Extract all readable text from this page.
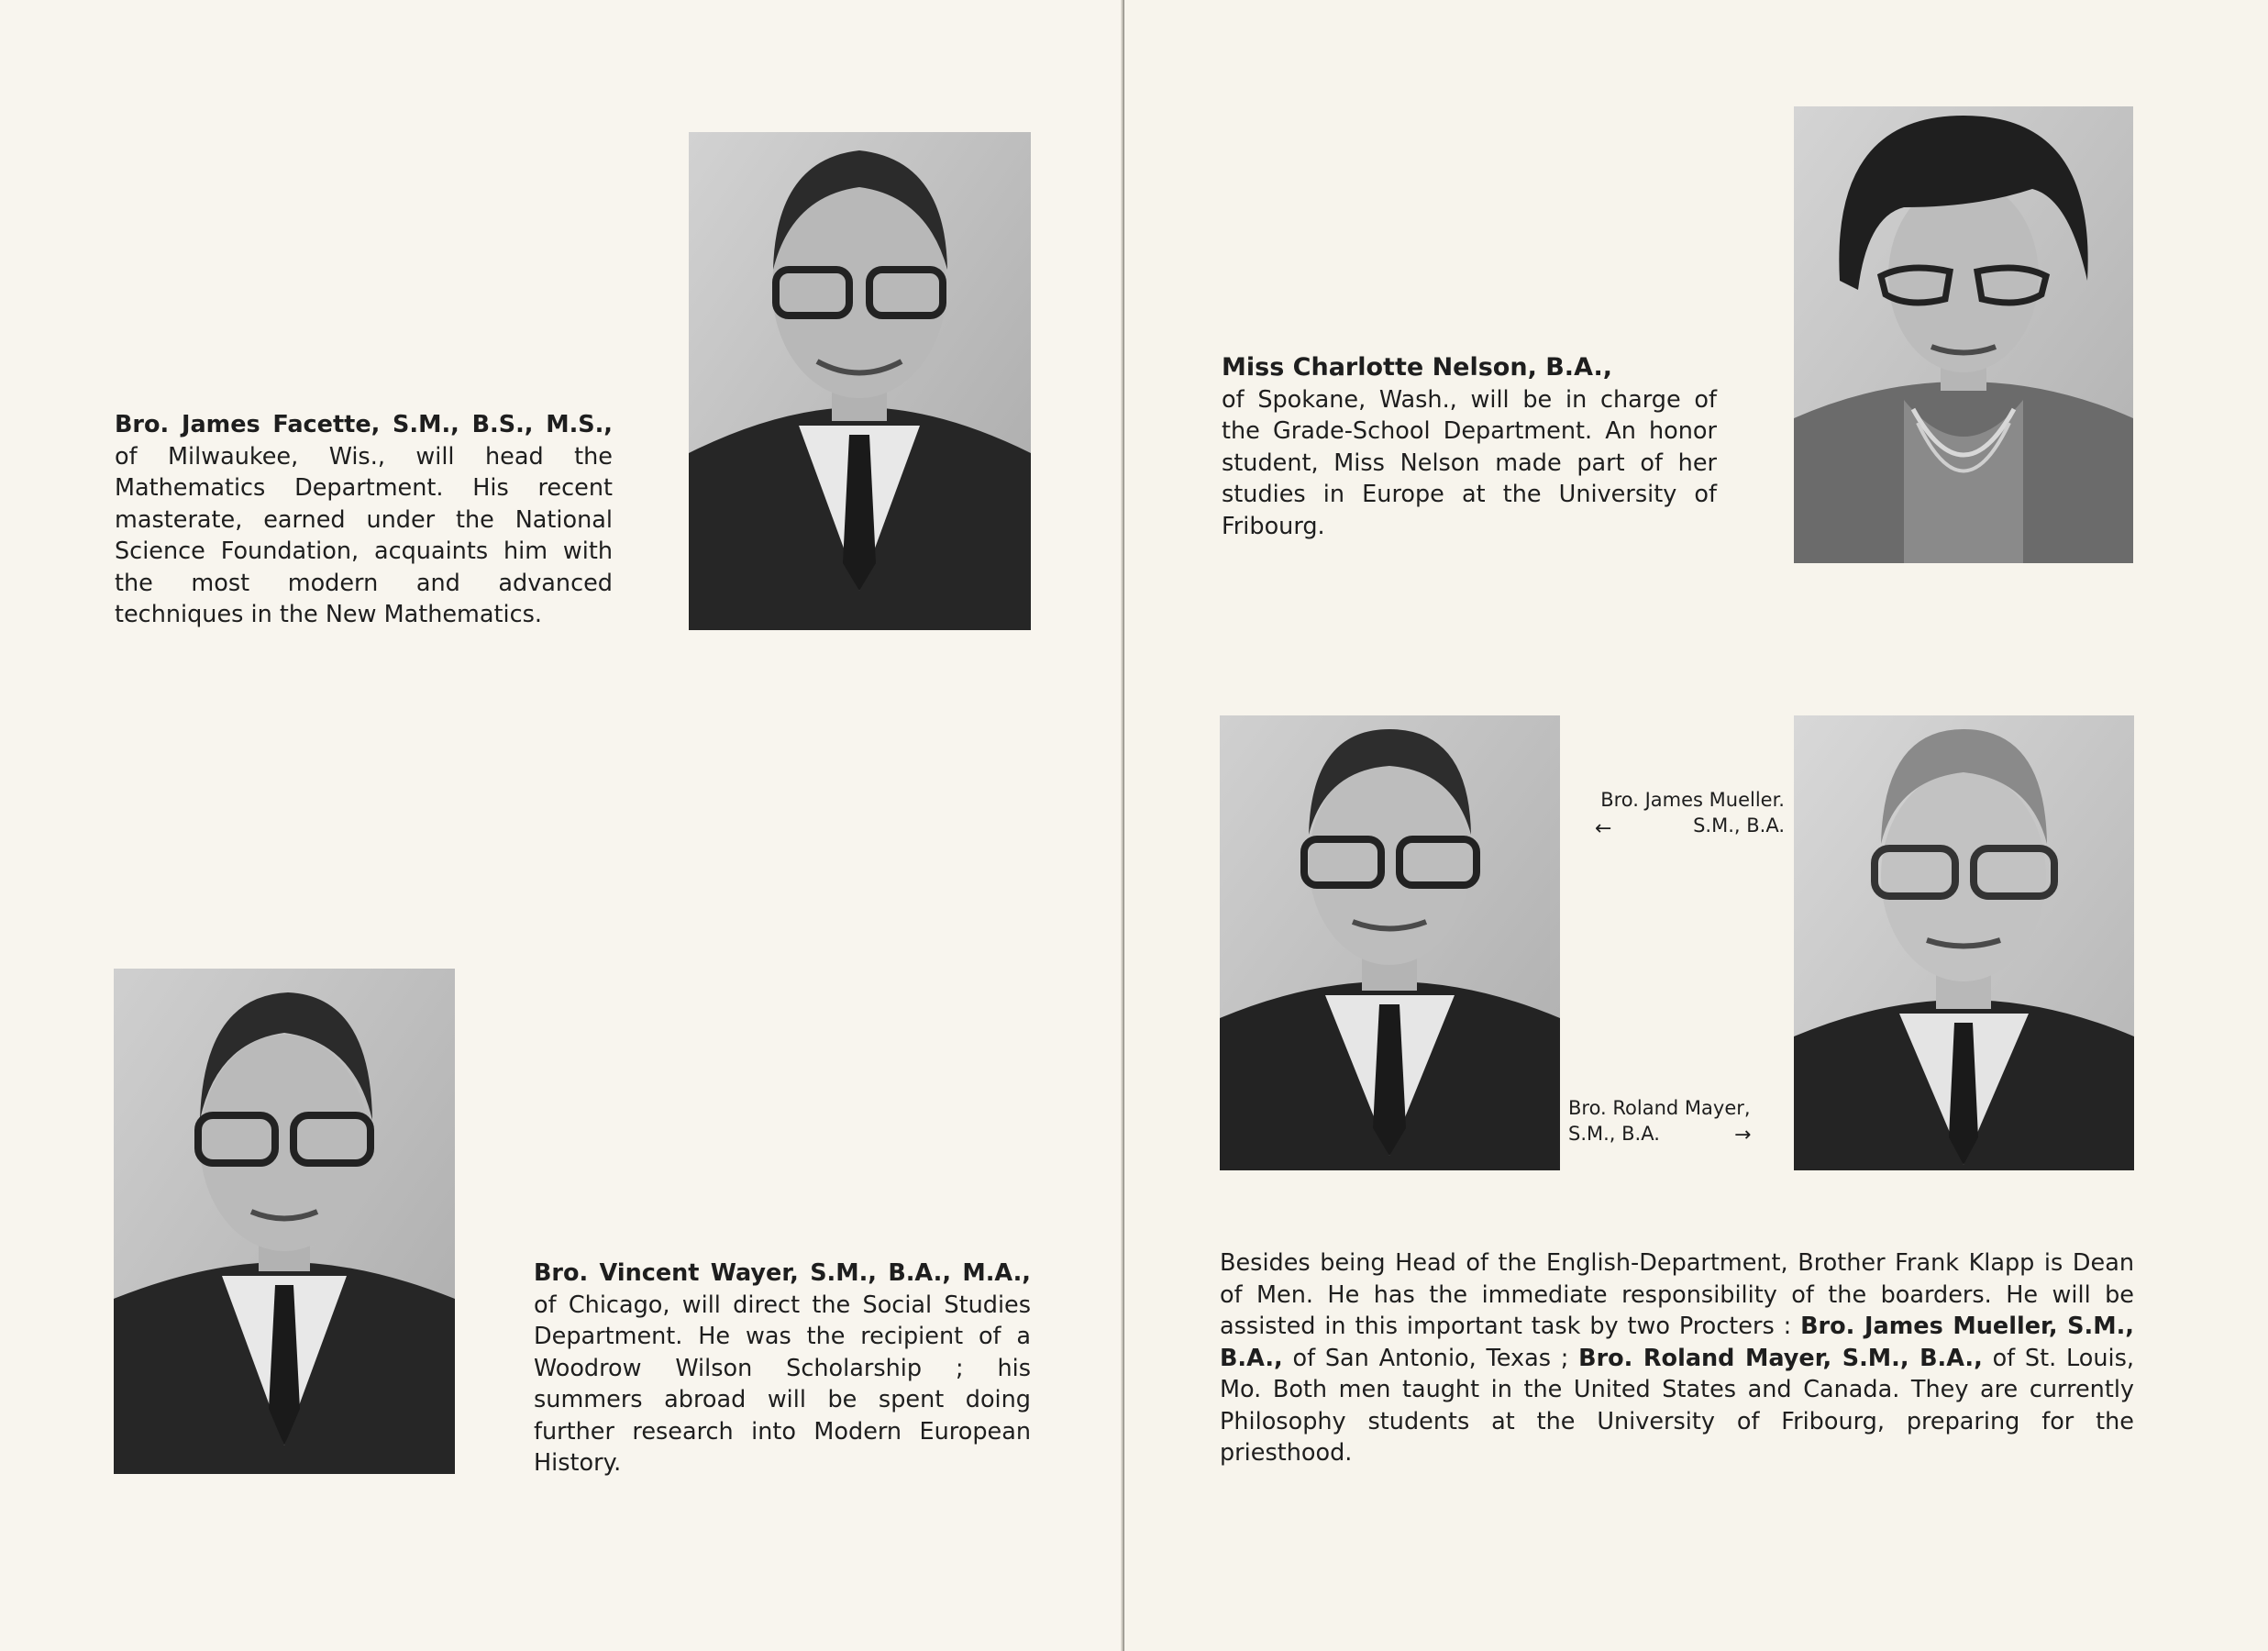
Bro. James Facette, S.M., B.S., M.S., of Milwaukee, Wis., will head the Mathematics Department. His recent masterate, earned under the National Science Foundation, acquaints him with the most modern and advanced techniques in the New Mathematics.

Bro. Vincent Wayer, S.M., B.A., M.A., of Chicago, will direct the Social Studies Department. He was the recipient of a Woodrow Wilson Scholarship ; his summers abroad will be spent doing further research into Modern European History.

Miss Charlotte Nelson, B.A.,

of Spokane, Wash., will be in charge of the Grade-School Department. An honor student, Miss Nelson made part of her studies in Europe at the University of Fribourg.

Bro. James Mueller.
S.M., B.A.
←
Bro. Roland Mayer,
S.M., B.A.	→

Besides being Head of the English-Department, Brother Frank Klapp is Dean of Men. He has the immediate responsibility of the boarders. He will be assisted in this important task by two Procters : Bro. James Mueller, S.M., B.A., of San Antonio, Texas ; Bro. Roland Mayer, S.M., B.A., of St. Louis, Mo. Both men taught in the United States and Canada. They are currently Philosophy students at the University of Fribourg, preparing for the priesthood.
